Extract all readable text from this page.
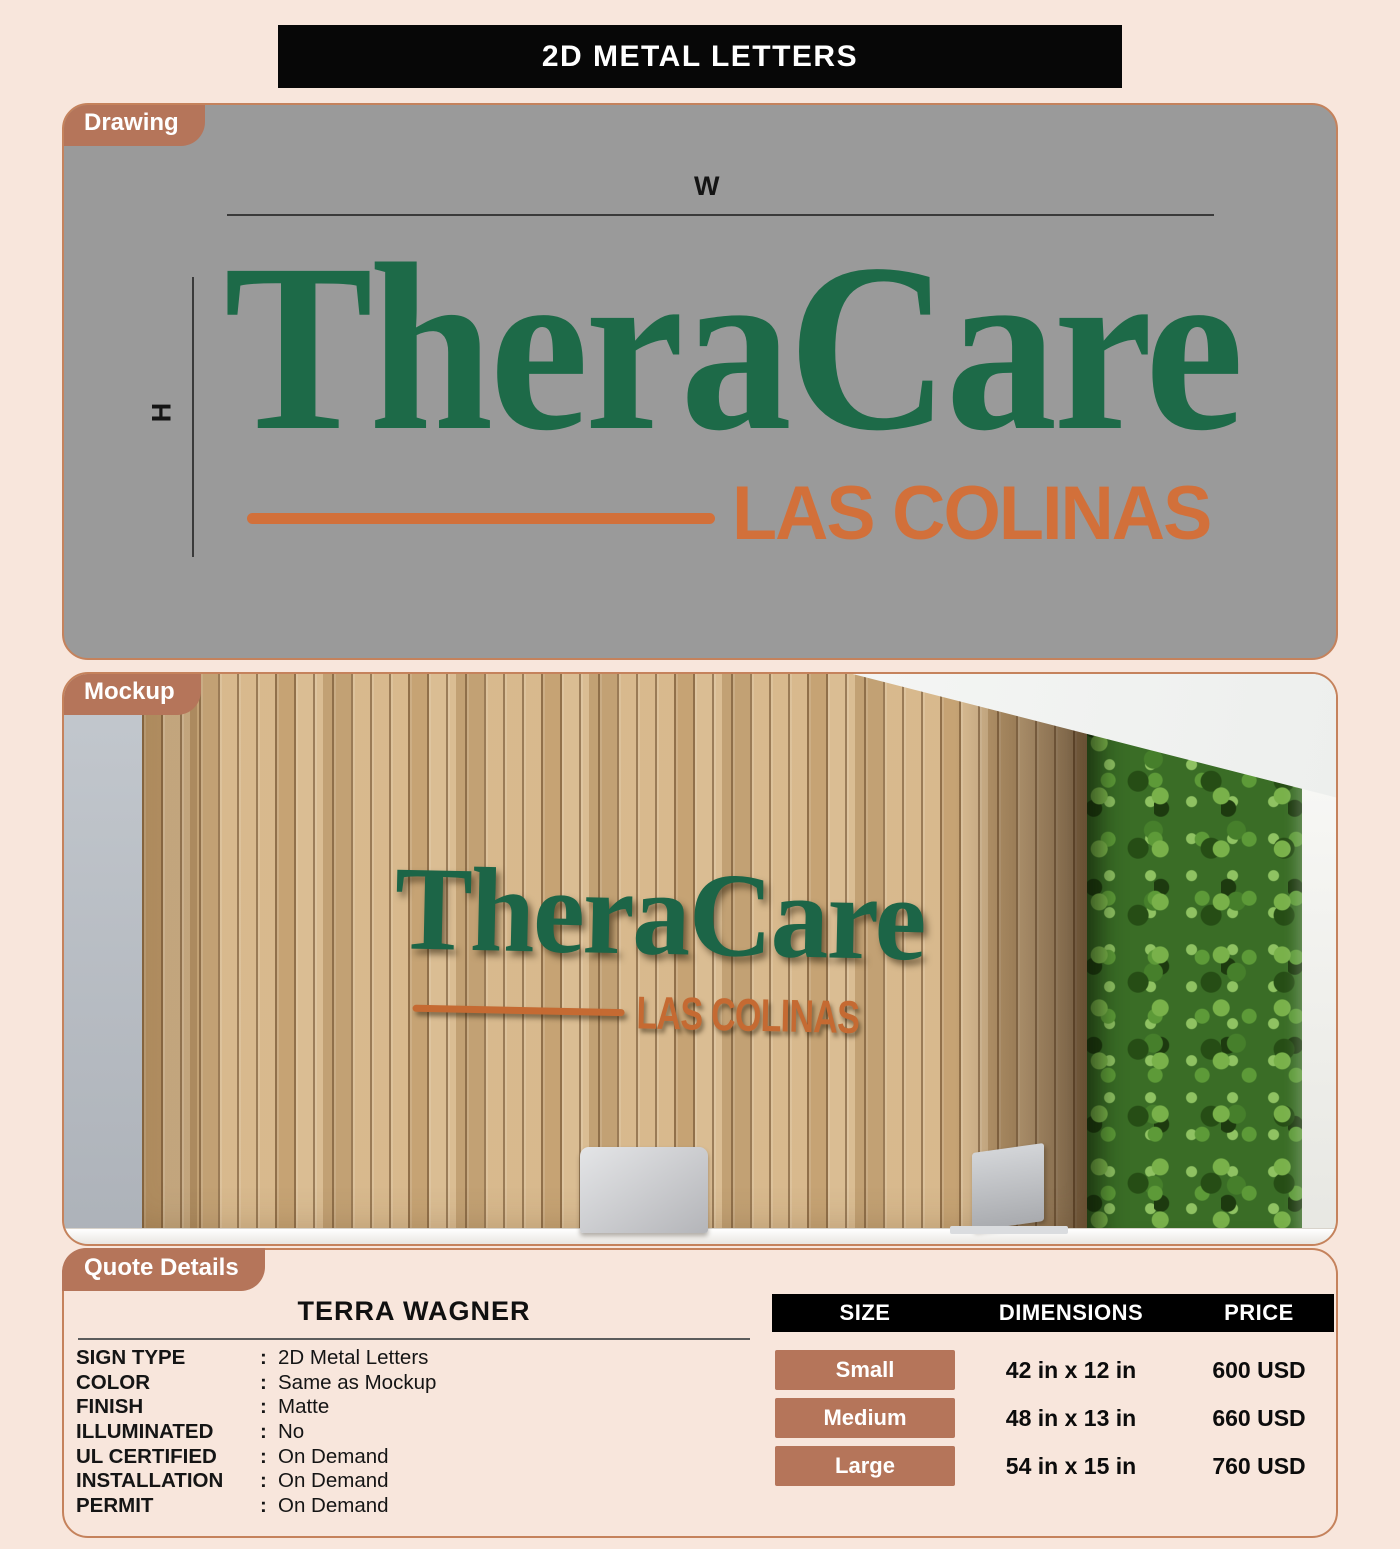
2D METAL LETTERS
Drawing
W
H TheraCare
LAS COLINAS
TheraCare
LAS COLINAS
Mockup
Quote Details
TERRA WAGNER
SIGN TYPE	: 2D Metal Letters
COLOR	: Same as Mockup
FINISH	: Matte
ILLUMINATED	: No
UL CERTIFIED	: On Demand
INSTALLATION	: On Demand
PERMIT	: On Demand
SIZE	DIMENSIONS	PRICE
Small	42 in x 12 in	600 USD
Medium	48 in x 13 in	660 USD
Large	54 in x 15 in	760 USD
